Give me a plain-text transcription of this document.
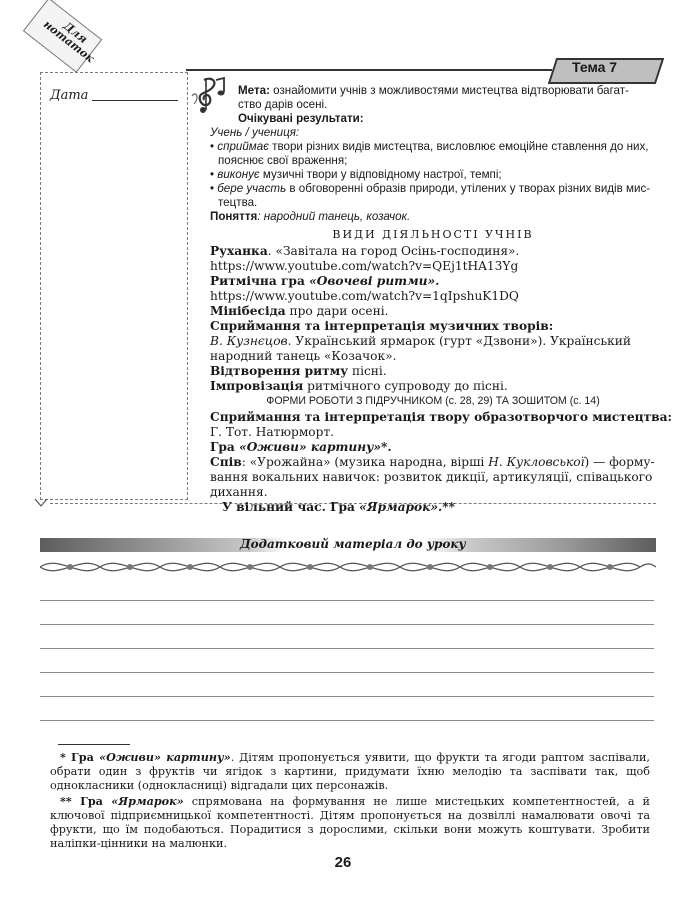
Для нотаток
Дата
Тема 7
Мета: ознайомити учнів з можливостями мистецтва відтворювати багат-
ство дарів осені.
Очікувані результати:
Учень / учениця:
• сприймає твори різних видів мистецтва, висловлює емоційне ставлення до них,
пояснює свої враження;
• виконує музичні твори у відповідному настрої, темпі;
• бере участь в обговоренні образів природи, утілених у творах різних видів мис-
тецтва.
Поняття: народний танець, козачок.
ВИДИ ДІЯЛЬНОСТІ УЧНІВ
Руханка. «Завітала на город Осінь-господиня».
https://www.youtube.com/watch?v=QEj1tHA13Yg
Ритмічна гра «Овочеві ритми».
https://www.youtube.com/watch?v=1qIpshuK1DQ
Мінібесіда про дари осені.
Сприймання та інтерпретація музичних творів:
В. Кузнєцов. Український ярмарок (гурт «Дзвони»). Український
народний танець «Козачок».
Відтворення ритму пісні.
Імпровізація ритмічного супроводу до пісні.
ФОРМИ РОБОТИ З ПІДРУЧНИКОМ (с. 28, 29) ТА ЗОШИТОМ (с. 14)
Сприймання та інтерпретація твору образотворчого мистецтва:
Г. Тот. Натюрморт.
Гра «Оживи» картину»*.
Спів: «Урожайна» (музика народна, вірші Н. Кукловської) — форму-
вання вокальних навичок: розвиток дикції, артикуляції, співацького
дихання.
У вільний час. Гра «Ярмарок».**
Додатковий матеріал до уроку
* Гра «Оживи» картину». Дітям пропонується уявити, що фрукти та ягоди раптом заспівали, обрати один з фруктів чи ягідок з картини, придумати їхню мелодію та заспівати так, щоб однокласники (однокласниці) відгадали цих персонажів.
** Гра «Ярмарок» спрямована на формування не лише мистецьких компетентностей, а й ключової підприємницької компетентності. Дітям пропонується на дозвіллі намалювати овочі та фрукти, що їм подобаються. Порадитися з дорослими, скільки вони можуть коштувати. Зробити наліпки-цінники на малюнки.
26
